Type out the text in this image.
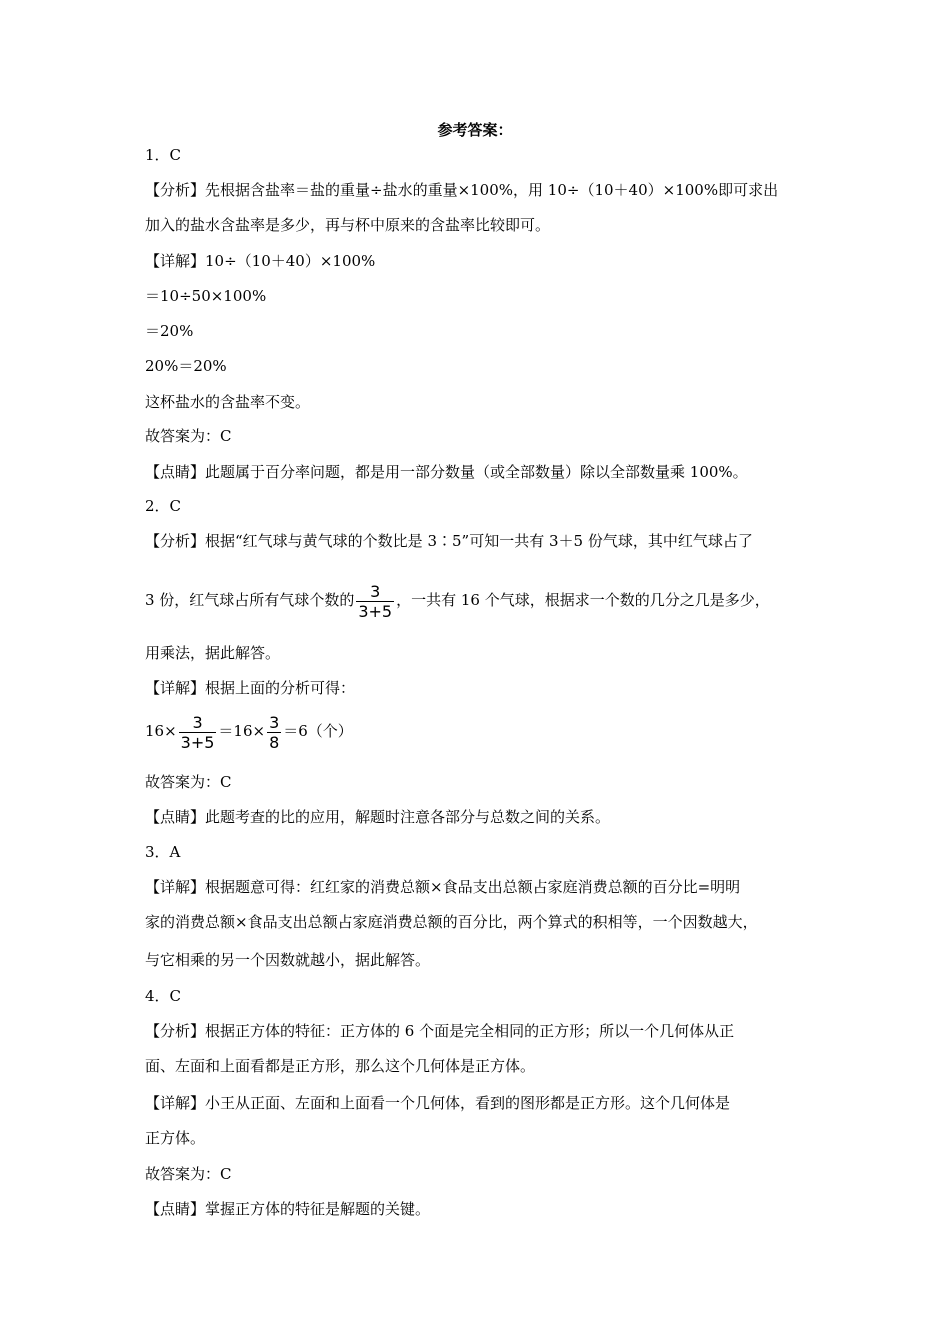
参考答案：
1．C
【分析】先根据含盐率＝盐的重量÷盐水的重量×100%，用 10÷（10＋40）×100%即可求出
加入的盐水含盐率是多少，再与杯中原来的含盐率比较即可。
【详解】10÷（10＋40）×100%
＝10÷50×100%
＝20%
20%＝20%
这杯盐水的含盐率不变。
故答案为：C
【点睛】此题属于百分率问题，都是用一部分数量（或全部数量）除以全部数量乘 100%。
2．C
【分析】根据“红气球与黄气球的个数比是 3∶5”可知一共有 3＋5 份气球，其中红气球占了
3 份，红气球占所有气球个数的 $\frac{3}{3+5}$ ，一共有 16 个气球，根据求一个数的几分之几是多少，
用乘法，据此解答。
【详解】根据上面的分析可得：
$16\times \frac{3}{3+5} =16\times \frac{3}{8} =6$（个）
故答案为：C
【点睛】此题考查的比的应用，解题时注意各部分与总数之间的关系。
3．A
【详解】根据题意可得：红红家的消费总额×食品支出总额占家庭消费总额的百分比=明明
家的消费总额×食品支出总额占家庭消费总额的百分比，两个算式的积相等，一个因数越大，
与它相乘的另一个因数就越小，据此解答。
4．C
【分析】根据正方体的特征：正方体的 6 个面是完全相同的正方形；所以一个几何体从正
面、左面和上面看都是正方形，那么这个几何体是正方体。
【详解】小王从正面、左面和上面看一个几何体，看到的图形都是正方形。这个几何体是
正方体。
故答案为：C
【点睛】掌握正方体的特征是解题的关键。
